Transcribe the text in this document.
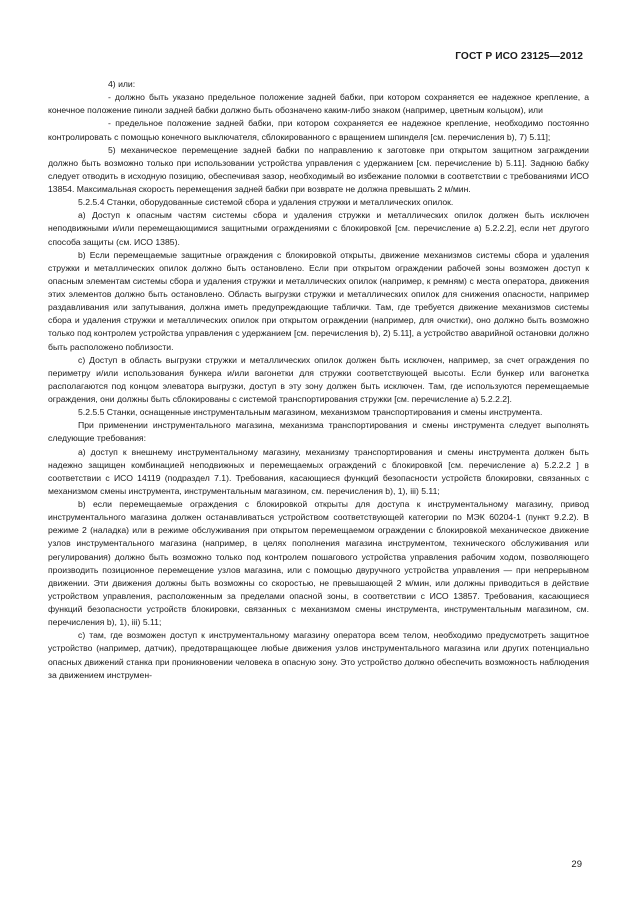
ГОСТ Р ИСО 23125—2012

4) или:

- должно быть указано предельное положение задней бабки, при котором сохраняется ее надежное крепление, а конечное положение пиноли задней бабки должно быть обозначено каким-либо знаком (например, цветным кольцом), или

- предельное положение задней бабки, при котором сохраняется ее надежное крепление, необходимо постоянно контролировать с помощью конечного выключателя, сблокированного с вращением шпинделя [см. перечисления b), 7) 5.11];

5) механическое перемещение задней бабки по направлению к заготовке при открытом защитном заграждении должно быть возможно только при использовании устройства управления с удержанием [см. перечисление b) 5.11]. Заднюю бабку следует отводить в исходную позицию, обеспечивая зазор, необходимый во избежание поломки в соответствии с требованиями ИСО 13854. Максимальная скорость перемещения задней бабки при возврате не должна превышать 2 м/мин.

5.2.5.4 Станки, оборудованные системой сбора и удаления стружки и металлических опилок.

а) Доступ к опасным частям системы сбора и удаления стружки и металлических опилок должен быть исключен неподвижными и/или перемещающимися защитными ограждениями с блокировкой [см. перечисление а) 5.2.2.2], если нет другого способа защиты (см. ИСО 1385).

b) Если перемещаемые защитные ограждения с блокировкой открыты, движение механизмов системы сбора и удаления стружки и металлических опилок должно быть остановлено. Если при открытом ограждении рабочей зоны возможен доступ к опасным элементам системы сбора и удаления стружки и металлических опилок (например, к ремням) с места оператора, движения этих элементов должно быть остановлено. Область выгрузки стружки и металлических опилок для снижения опасности, например раздавливания или запутывания, должна иметь предупреждающие таблички. Там, где требуется движение механизмов системы сбора и удаления стружки и металлических опилок при открытом ограждении (например, для очистки), оно должно быть возможно только под контролем устройства управления с удержанием [см. перечисления b), 2) 5.11], а устройство аварийной остановки должно быть расположено поблизости.

с) Доступ в область выгрузки стружки и металлических опилок должен быть исключен, например, за счет ограждения по периметру и/или использования бункера и/или вагонетки для стружки соответствующей высоты. Если бункер или вагонетка располагаются под концом элеватора выгрузки, доступ в эту зону должен быть исключен. Там, где используются перемещаемые ограждения, они должны быть сблокированы с системой транспортирования стружки [см. перечисление а) 5.2.2.2].

5.2.5.5 Станки, оснащенные инструментальным магазином, механизмом транспортирования и смены инструмента.

При применении инструментального магазина, механизма транспортирования и смены инструмента следует выполнять следующие требования:

а) доступ к внешнему инструментальному магазину, механизму транспортирования и смены инструмента должен быть надежно защищен комбинацией неподвижных и перемещаемых ограждений с блокировкой [см. перечисление а) 5.2.2.2 ] в соответствии с ИСО 14119 (подраздел 7.1). Требования, касающиеся функций безопасности устройств блокировки, связанных с механизмом смены инструмента, инструментальным магазином, см. перечисления b), 1), iii) 5.11;

b) если перемещаемые ограждения с блокировкой открыты для доступа к инструментальному магазину, привод инструментального магазина должен останавливаться устройством соответствующей категории по МЭК 60204-1 (пункт 9.2.2). В режиме 2 (наладка) или в режиме обслуживания при открытом перемещаемом ограждении с блокировкой механическое движение узлов инструментального магазина (например, в целях пополнения магазина инструментом, технического обслуживания или регулирования) должно быть возможно только под контролем пошагового устройства управления рабочим ходом, позволяющего производить позиционное перемещение узлов магазина, или с помощью двуручного устройства управления — при непрерывном движении. Эти движения должны быть возможны со скоростью, не превышающей 2 м/мин, или должны приводиться в действие устройством управления, расположенным за пределами опасной зоны, в соответствии с ИСО 13857. Требования, касающиеся функций безопасности устройств блокировки, связанных с механизмом смены инструмента, инструментальным магазином, см. перечисления b), 1), iii) 5.11;

с) там, где возможен доступ к инструментальному магазину оператора всем телом, необходимо предусмотреть защитное устройство (например, датчик), предотвращающее любые движения узлов инструментального магазина или других потенциально опасных движений станка при проникновении человека в опасную зону. Это устройство должно обеспечить возможность наблюдения за движением инструмен-

29
